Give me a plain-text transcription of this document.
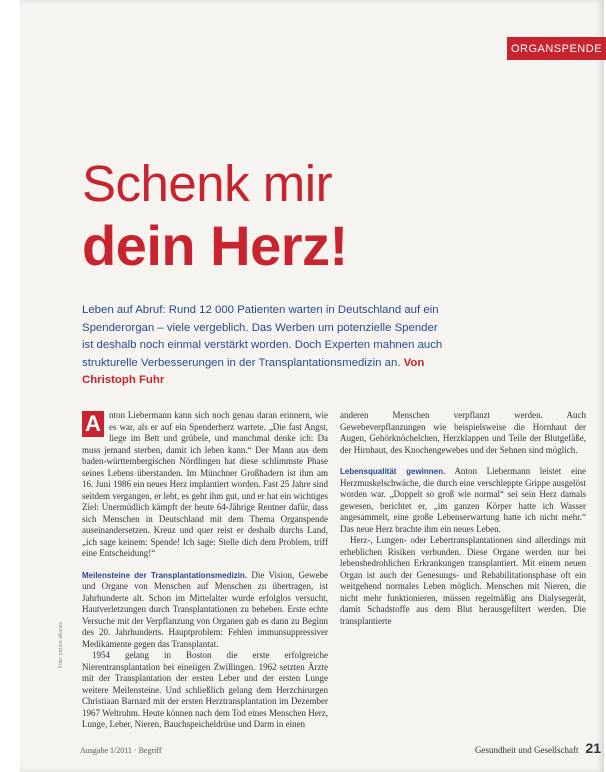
ORGANSPENDE
Schenk mir
dein Herz!
Leben auf Abruf: Rund 12 000 Patienten warten in Deutschland auf ein Spenderorgan – viele vergeblich. Das Werben um potenzielle Spender ist deshalb noch einmal verstärkt worden. Doch Experten mahnen auch strukturelle Verbesserungen in der Transplantationsmedizin an. Von Christoph Fuhr

A nton Liebermann kann sich noch genau daran erinnern, wie es war, als er auf ein Spenderherz wartete. „Die fast Angst, liege im Bett und grübele, und manchmal denke ich: Da muss jemand sterben, damit ich leben kann.“ Der Mann aus dem baden-württembergischen Nördlingen hat diese schlimmste Phase seines Lebens überstanden. Im Münchner Großhadern ist ihm am 16. Juni 1986 ein neues Herz implantiert worden. Fast 25 Jahre sind seitdem vergangen, er lebt, es geht ihm gut, und er hat ein wichtiges Ziel: Unermüdlich kämpft der heute 64-Jährige Rentner dafür, dass sich Menschen in Deutschland mit dem Thema Organspende auseinandersetzen. Kreuz und quer reist er deshalb durchs Land, „ich sage keinem: Spende! Ich sage: Stelle dich dem Problem, triff eine Entscheidung!“

Meilensteine der Transplantationsmedizin. Die Vision, Gewebe und Organe von Menschen auf Menschen zu übertragen, ist Jahrhunderte alt. Schon im Mittelalter wurde erfolglos versucht, Hautverletzungen durch Transplantationen zu beheben. Erste echte Versuche mit der Verpflanzung von Organen gab es dann zu Beginn des 20. Jahrhunderts. Hauptproblem: Fehlen immunsuppressiver Medikamente gegen das Transplantat.

1954 gelang in Boston die erste erfolgreiche Nierentransplantation bei eineiigen Zwillingen. 1962 setzten Ärzte mit der Transplantation der ersten Leber und der ersten Lunge weitere Meilensteine. Und schließlich gelang dem Herzchirurgen Christiaan Barnard mit der ersten Herztransplantation im Dezember 1967 Weltruhm. Heute können nach dem Tod eines Menschen Herz, Lunge, Leber, Nieren, Bauchspeicheldrüse und Darm in einen

anderen Menschen verpflanzt werden. Auch Gewebeverpflanzungen wie beispielsweise die Hornhaut der Augen, Gehörknöchelchen, Herzklappen und Teile der Blutgefäße, der Hirnhaut, des Knochengewebes und der Sehnen sind möglich.

Lebensqualität gewinnen. Anton Liebermann leistet eine Herzmuskelschwäche, die durch eine verschleppte Grippe ausgelöst worden war. „Doppelt so groß wie normal“ sei sein Herz damals gewesen, berichtet er, „im ganzen Körper hatte ich Wasser angesammelt, eine große Lebenserwartung hatte ich nicht mehr.“ Das neue Herz brachte ihm ein neues Leben.

Herz-, Lungen- oder Lebertransplantationen sind allerdings mit erheblichen Risiken verbunden. Diese Organe werden nur bei lebensbedrohlichen Erkrankungen transplantiert. Mit einem neuen Organ ist auch der Genesungs- und Rehabilitationsphase oft ein weitgehend normales Leben möglich. Menschen mit Nieren, die nicht mehr funktionieren, müssen regelmäßig ans Dialysegerät, damit Schadstoffe aus dem Blut herausgefiltert werden. Die transplantierte

Foto: picture alliance
Ausgabe 1/2011 · Begriff	Gesundheit und Gesellschaft 21
